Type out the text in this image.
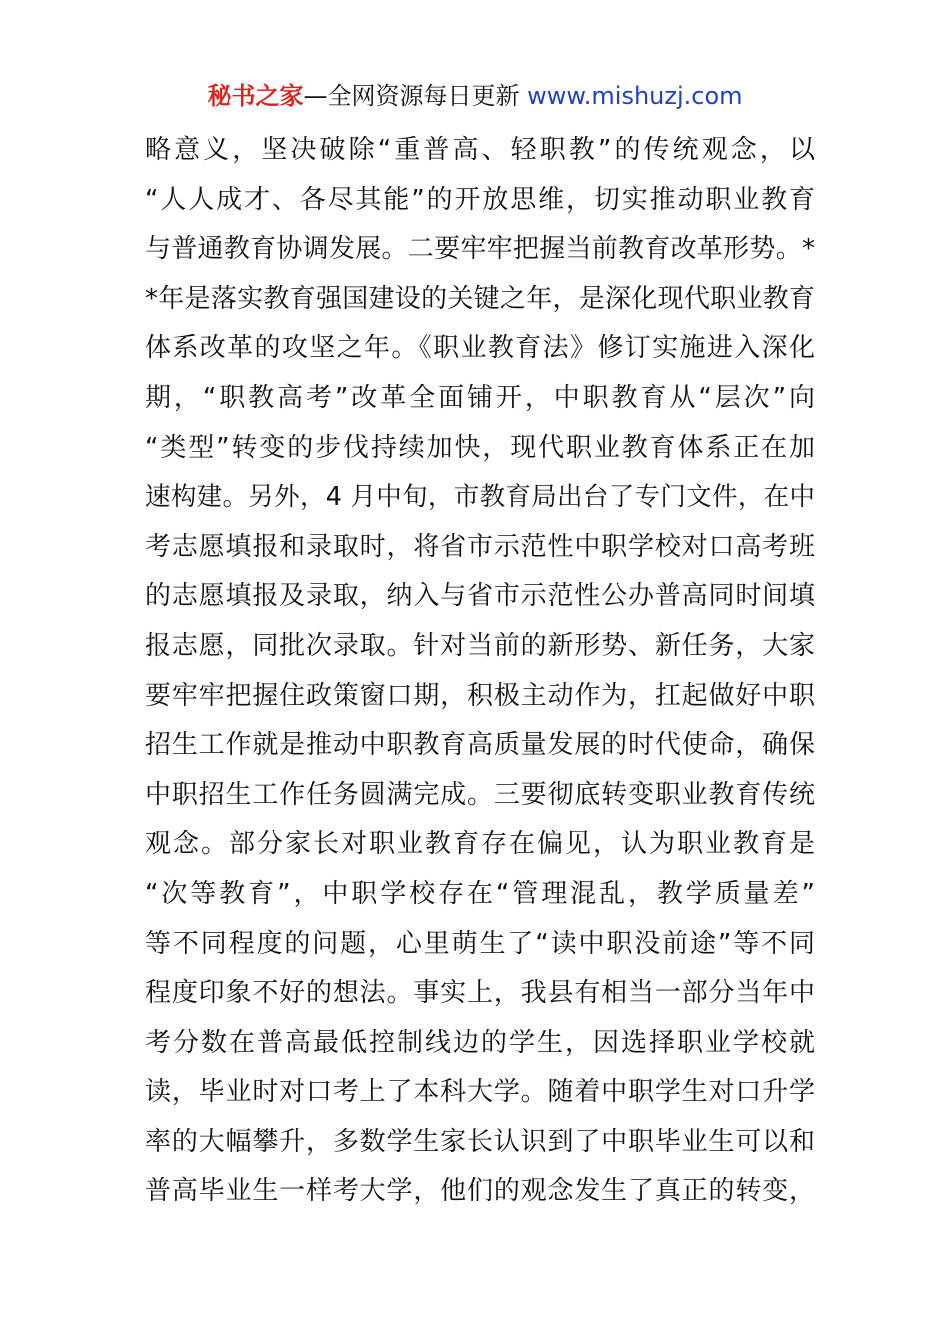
秘书之家—全网资源每日更新 www.mishuzj.com
略意义，坚决破除“重普高、轻职教”的传统观念，以
“人人成才、各尽其能”的开放思维，切实推动职业教育
与普通教育协调发展。二要牢牢把握当前教育改革形势。*
*年是落实教育强国建设的关键之年，是深化现代职业教育
体系改革的攻坚之年。《职业教育法》修订实施进入深化
期，“职教高考”改革全面铺开，中职教育从“层次”向
“类型”转变的步伐持续加快，现代职业教育体系正在加
速构建。另外，4 月中旬，市教育局出台了专门文件，在中
考志愿填报和录取时，将省市示范性中职学校对口高考班
的志愿填报及录取，纳入与省市示范性公办普高同时间填
报志愿，同批次录取。针对当前的新形势、新任务，大家
要牢牢把握住政策窗口期，积极主动作为，扛起做好中职
招生工作就是推动中职教育高质量发展的时代使命，确保
中职招生工作任务圆满完成。三要彻底转变职业教育传统
观念。部分家长对职业教育存在偏见，认为职业教育是
“次等教育”，中职学校存在“管理混乱，教学质量差”
等不同程度的问题，心里萌生了“读中职没前途”等不同
程度印象不好的想法。事实上，我县有相当一部分当年中
考分数在普高最低控制线边的学生，因选择职业学校就
读，毕业时对口考上了本科大学。随着中职学生对口升学
率的大幅攀升，多数学生家长认识到了中职毕业生可以和
普高毕业生一样考大学，他们的观念发生了真正的转变，
